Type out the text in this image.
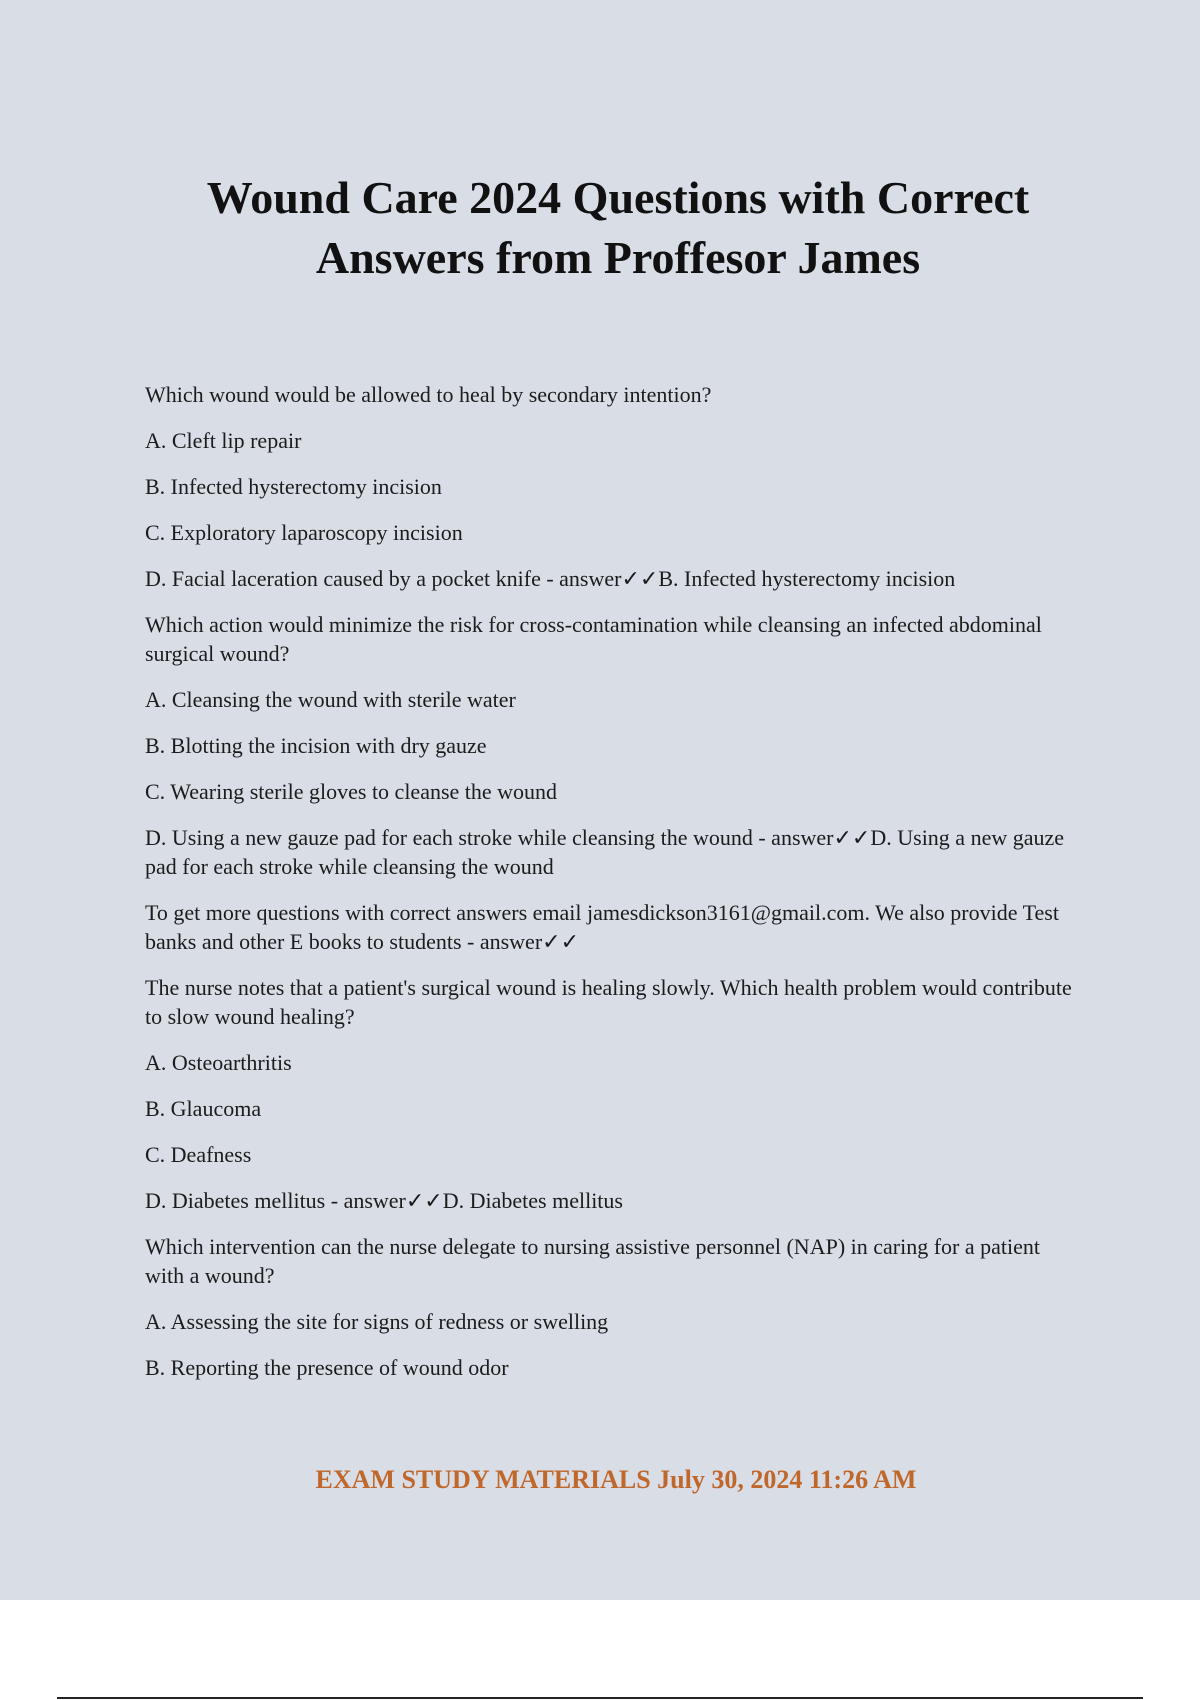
Wound Care 2024 Questions with Correct Answers from Proffesor James

Which wound would be allowed to heal by secondary intention?

A. Cleft lip repair

B. Infected hysterectomy incision

C. Exploratory laparoscopy incision

D. Facial laceration caused by a pocket knife - answer✓✓B. Infected hysterectomy incision

Which action would minimize the risk for cross-contamination while cleansing an infected abdominal surgical wound?

A. Cleansing the wound with sterile water

B. Blotting the incision with dry gauze

C. Wearing sterile gloves to cleanse the wound

D. Using a new gauze pad for each stroke while cleansing the wound - answer✓✓D. Using a new gauze pad for each stroke while cleansing the wound

To get more questions with correct answers email jamesdickson3161@gmail.com. We also provide Test banks and other E books to students - answer✓✓

The nurse notes that a patient's surgical wound is healing slowly. Which health problem would contribute to slow wound healing?

A. Osteoarthritis

B. Glaucoma

C. Deafness

D. Diabetes mellitus - answer✓✓D. Diabetes mellitus

Which intervention can the nurse delegate to nursing assistive personnel (NAP) in caring for a patient with a wound?

A. Assessing the site for signs of redness or swelling

B. Reporting the presence of wound odor

EXAM STUDY MATERIALS July 30, 2024 11:26 AM
